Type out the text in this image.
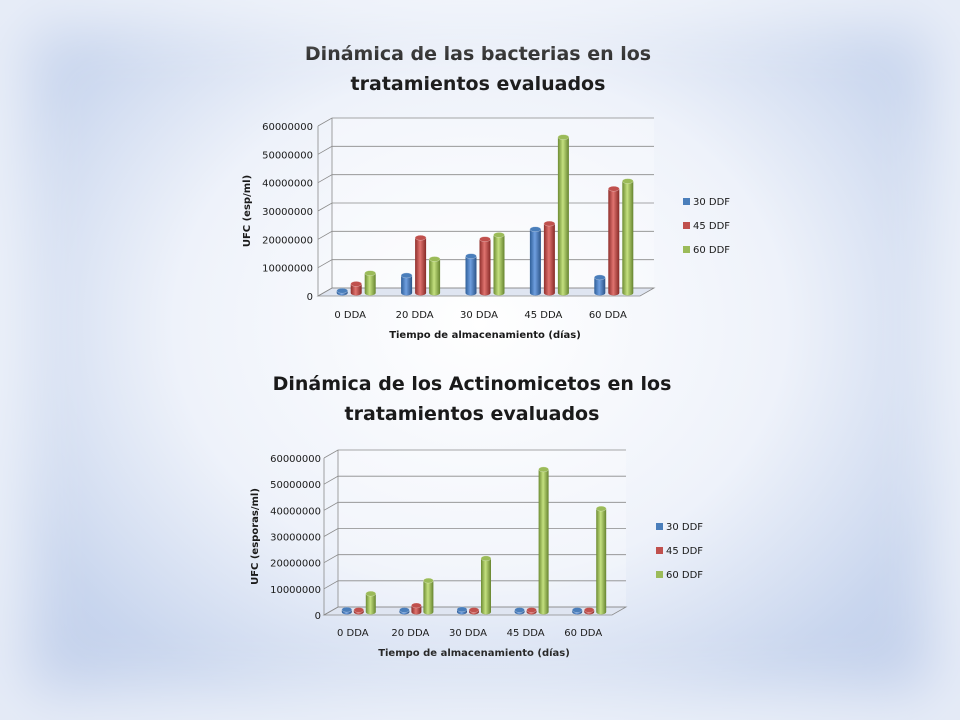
Dinámica de las bacterias en los
tratamientos evaluados
0
10000000
20000000
30000000
40000000
50000000
60000000
0 DDA	20 DDA	30 DDA	45 DDA	60 DDA
Tiempo de almacenamiento (días)
UFC (esp/ml)	30 DDF
45 DDF
60 DDF
Dinámica de los Actinomicetos en los
tratamientos evaluados
0
10000000
20000000
30000000
40000000
50000000
60000000
0 DDA 20 DDA 30 DDA 45 DDA 60 DDA
Tiempo de almacenamiento (días)
UFC (esporas/ml)	30 DDF
45 DDF
60 DDF
